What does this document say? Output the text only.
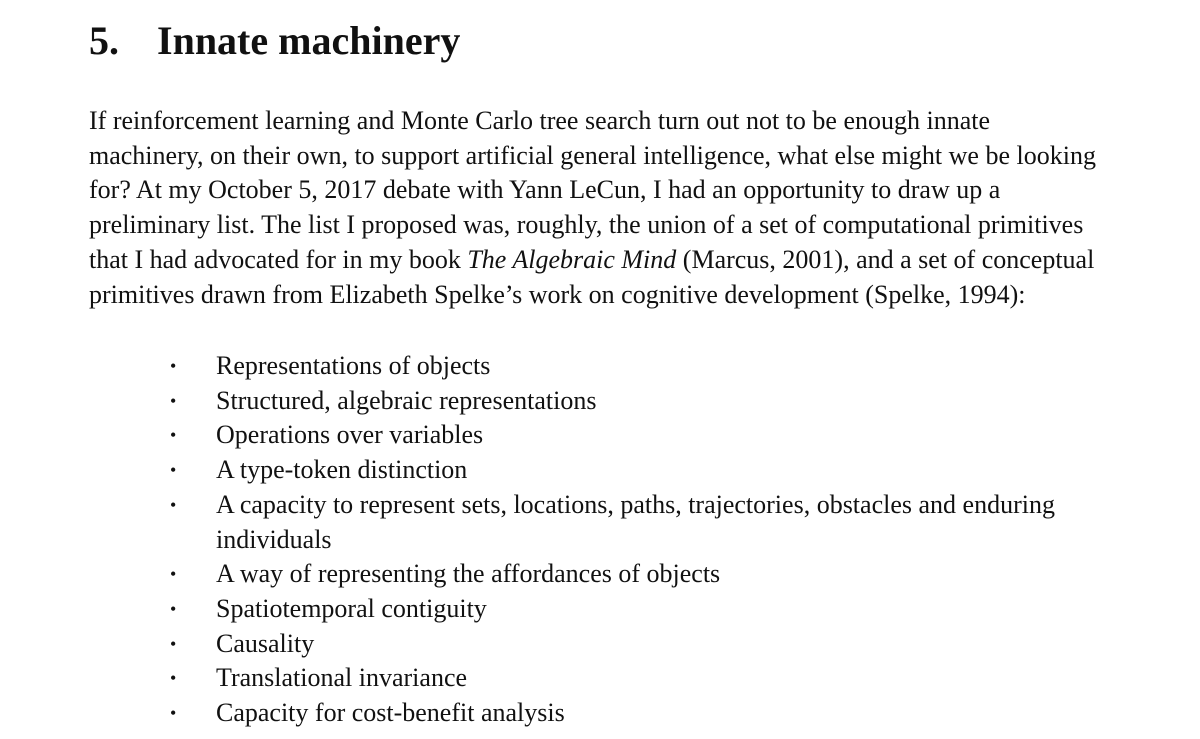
5. Innate machinery

If reinforcement learning and Monte Carlo tree search turn out not to be enough innate
machinery, on their own, to support artificial general intelligence, what else might we be looking
for? At my October 5, 2017 debate with Yann LeCun, I had an opportunity to draw up a
preliminary list. The list I proposed was, roughly, the union of a set of computational primitives
that I had advocated for in my book The Algebraic Mind (Marcus, 2001), and a set of conceptual
primitives drawn from Elizabeth Spelke’s work on cognitive development (Spelke, 1994):

• Representations of objects
• Structured, algebraic representations
• Operations over variables
• A type-token distinction
• A capacity to represent sets, locations, paths, trajectories, obstacles and enduring
individuals
• A way of representing the affordances of objects
• Spatiotemporal contiguity
• Causality
• Translational invariance
• Capacity for cost-benefit analysis
